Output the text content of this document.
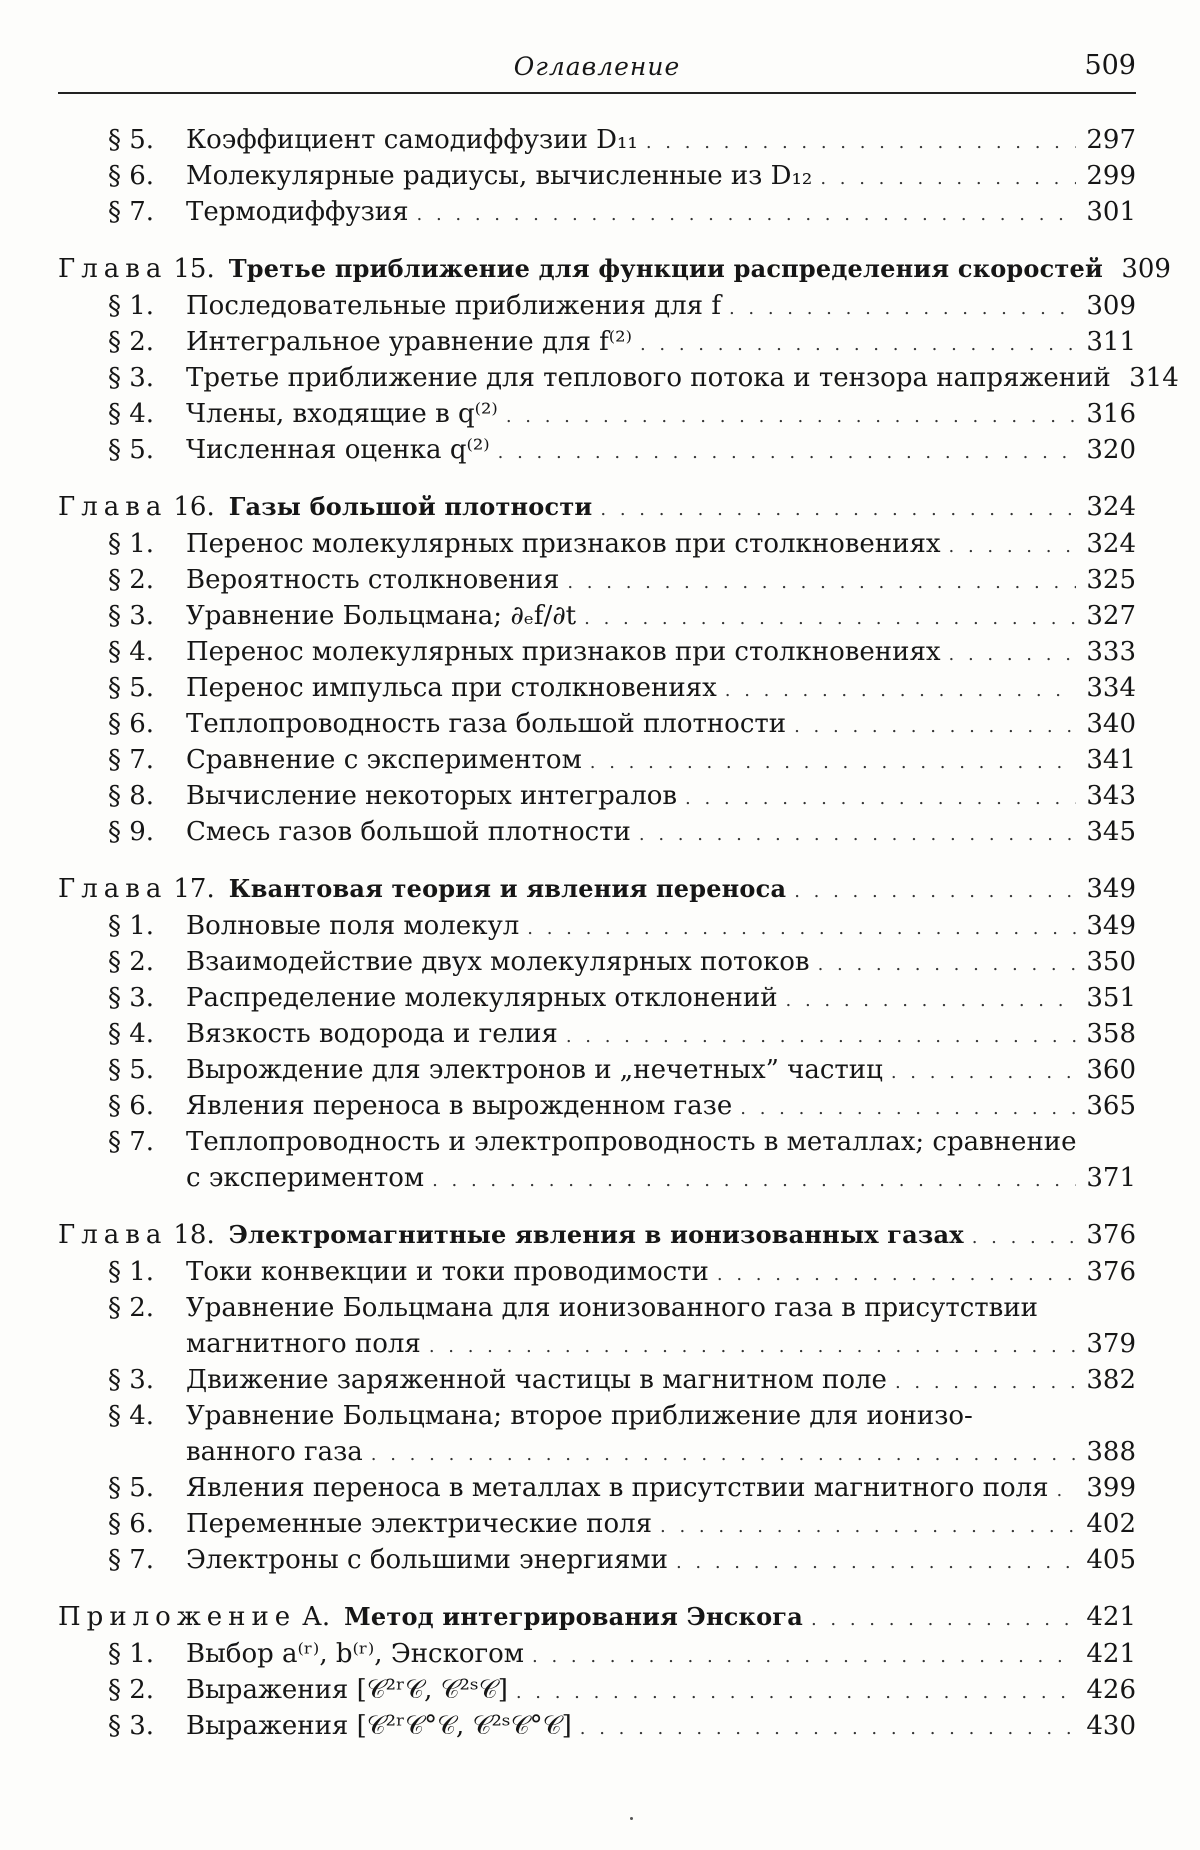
Оглавление	509
§ 5.	Коэффициент самодиффузии D₁₁ . . .	297
§ 6.	Молекулярные радиусы, вычисленные из D₁₂ . . .	299
§ 7.	Термодиффузия . . .	301
Глава 15. Третье приближение для функции распределения скоростей 309
§ 1.	Последовательные приближения для f . . .	309
§ 2.	Интегральное уравнение для f⁽²⁾ . . .	311
§ 3.	Третье приближение для теплового потока и тензора напряжений 314
§ 4.	Члены, входящие в q⁽²⁾ . . .	316
§ 5.	Численная оценка q⁽²⁾ . . .	320
Глава 16. Газы большой плотности . . .	324
§ 1.	Перенос молекулярных признаков при столкновениях . . .	324
§ 2.	Вероятность столкновения . . .	325
§ 3.	Уравнение Больцмана; ∂ₑf/∂t . . .	327
§ 4.	Перенос молекулярных признаков при столкновениях . . .	333
§ 5.	Перенос импульса при столкновениях . . .	334
§ 6.	Теплопроводность газа большой плотности . . .	340
§ 7.	Сравнение с экспериментом . . .	341
§ 8.	Вычисление некоторых интегралов . . .	343
§ 9.	Смесь газов большой плотности . . .	345
Глава 17. Квантовая теория и явления переноса . . .	349
§ 1.	Волновые поля молекул . . .	349
§ 2.	Взаимодействие двух молекулярных потоков . . .	350
§ 3.	Распределение молекулярных отклонений . . .	351
§ 4.	Вязкость водорода и гелия . . .	358
§ 5.	Вырождение для электронов и „нечетных” частиц . . .	360
§ 6.	Явления переноса в вырожденном газе . . .	365
§ 7.	Теплопроводность и электропроводность в металлах; сравнение
с экспериментом . . .	371
Глава 18. Электромагнитные явления в ионизованных газах . . .	376
§ 1.	Токи конвекции и токи проводимости . . .	376
§ 2.	Уравнение Больцмана для ионизованного газа в присутствии
магнитного поля . . .	379
§ 3.	Движение заряженной частицы в магнитном поле . . .	382
§ 4.	Уравнение Больцмана; второе приближение для ионизо-
ванного газа . . .	388
§ 5.	Явления переноса в металлах в присутствии магнитного поля . . . 399
§ 6.	Переменные электрические поля . . .	402
§ 7.	Электроны с большими энергиями . . .	405
Приложение А. Метод интегрирования Энскога . . .	421
§ 1.	Выбор a⁽ʳ⁾, b⁽ʳ⁾, Энскогом . . .	421
§ 2.	Выражения [𝒞²ʳ𝒞, 𝒞²ˢ𝒞] . . .	426
§ 3.	Выражения [𝒞²ʳ𝒞°𝒞, 𝒞²ˢ𝒞°𝒞] . . .	430
